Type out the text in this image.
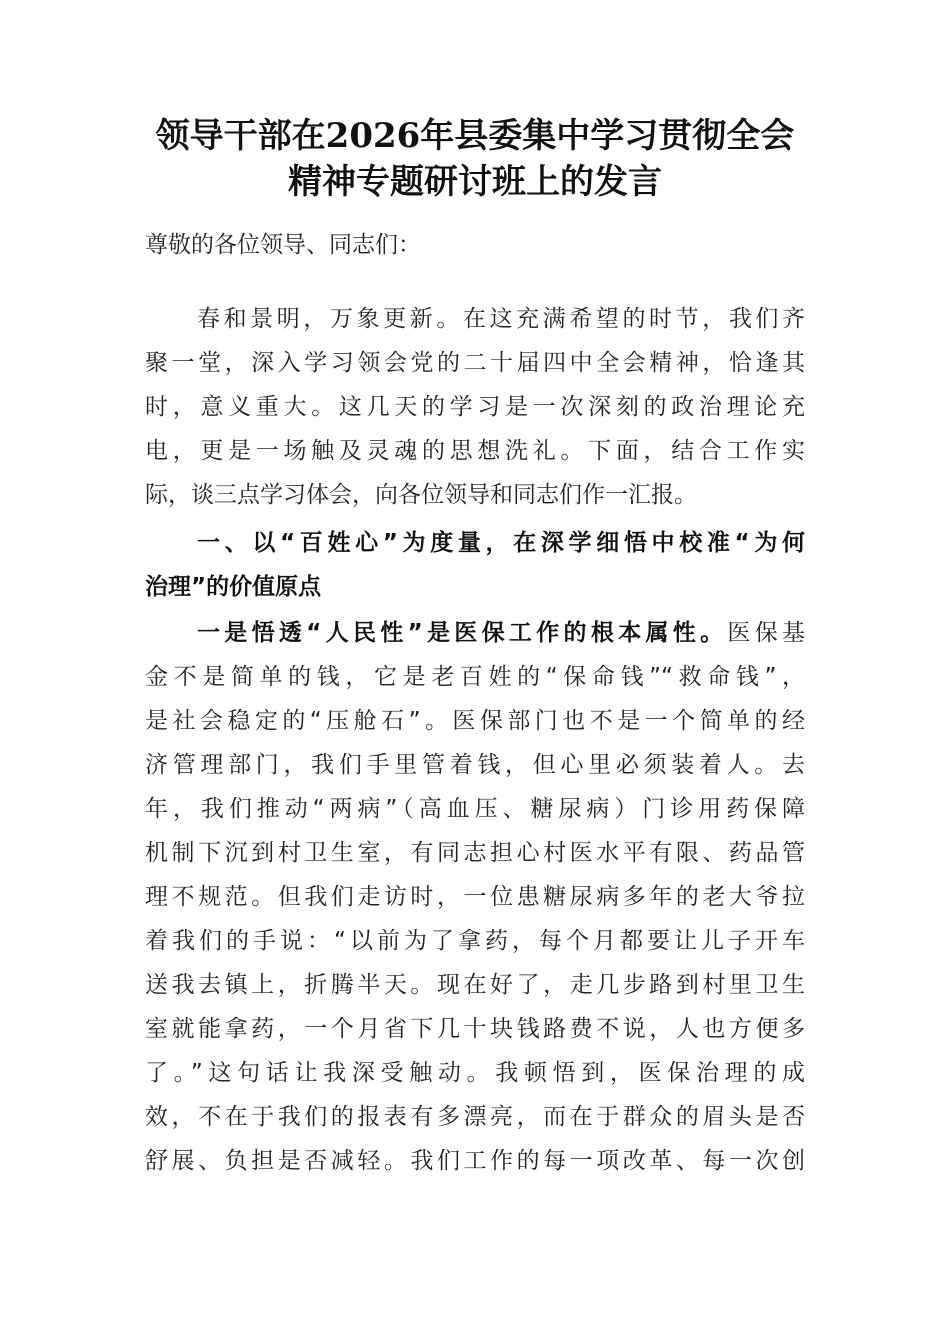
领导干部在2026年县委集中学习贯彻全会
精神专题研讨班上的发言
尊敬的各位领导、同志们：
春和景明，万象更新。在这充满希望的时节，我们齐
聚一堂，深入学习领会党的二十届四中全会精神，恰逢其
时，意义重大。这几天的学习是一次深刻的政治理论充
电，更是一场触及灵魂的思想洗礼。下面，结合工作实
际，谈三点学习体会，向各位领导和同志们作一汇报。
一、以“百姓心”为度量，在深学细悟中校准“为何
治理”的价值原点
一是悟透“人民性”是医保工作的根本属性。医保基
金不是简单的钱，它是老百姓的“保命钱”“救命钱”，
是社会稳定的“压舱石”。医保部门也不是一个简单的经
济管理部门，我们手里管着钱，但心里必须装着人。去
年，我们推动“两病”（高血压、糖尿病）门诊用药保障
机制下沉到村卫生室，有同志担心村医水平有限、药品管
理不规范。但我们走访时，一位患糖尿病多年的老大爷拉
着我们的手说：“以前为了拿药，每个月都要让儿子开车
送我去镇上，折腾半天。现在好了，走几步路到村里卫生
室就能拿药，一个月省下几十块钱路费不说，人也方便多
了。”这句话让我深受触动。我顿悟到，医保治理的成
效，不在于我们的报表有多漂亮，而在于群众的眉头是否
舒展、负担是否减轻。我们工作的每一项改革、每一次创
